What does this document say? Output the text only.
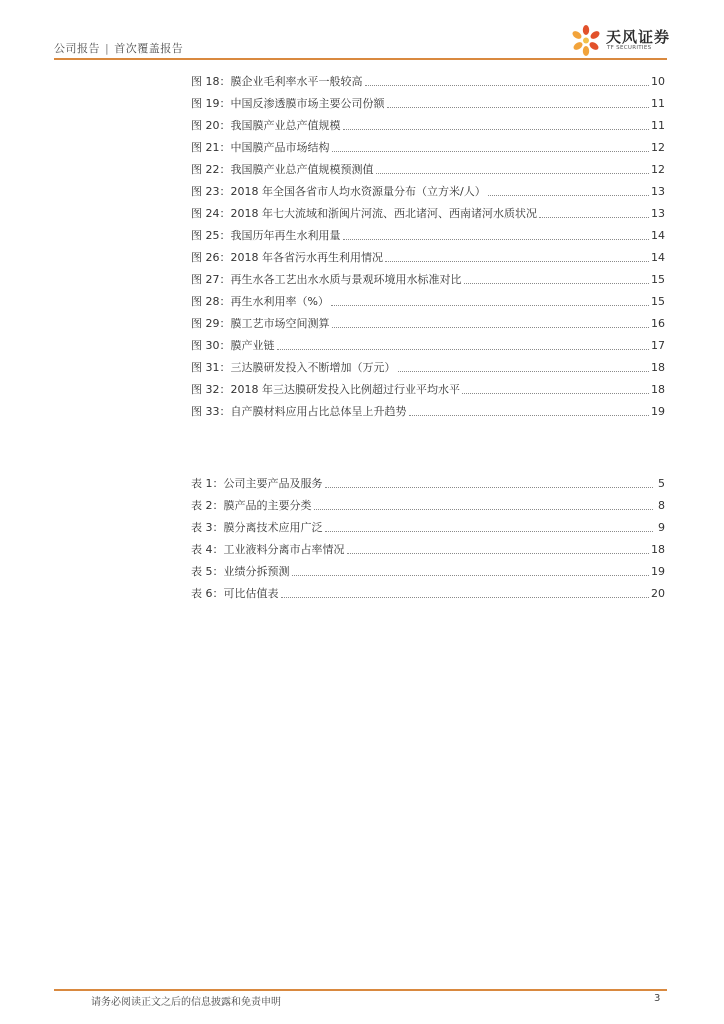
公司报告 | 首次覆盖报告
天风证券
TF SECURITIES
图 18：膜企业毛利率水平一般较高	10
图 19：中国反渗透膜市场主要公司份额	11
图 20：我国膜产业总产值规模	11
图 21：中国膜产品市场结构	12
图 22：我国膜产业总产值规模预测值	12
图 23：2018 年全国各省市人均水资源量分布（立方米/人）	13
图 24：2018 年七大流域和浙闽片河流、西北诸河、西南诸河水质状况	13
图 25：我国历年再生水利用量	14
图 26：2018 年各省污水再生利用情况	14
图 27：再生水各工艺出水水质与景观环境用水标准对比	15
图 28：再生水利用率（%）	15
图 29：膜工艺市场空间测算	16
图 30：膜产业链	17
图 31：三达膜研发投入不断增加（万元）	18
图 32：2018 年三达膜研发投入比例超过行业平均水平	18
图 33：自产膜材料应用占比总体呈上升趋势	19
表 1：公司主要产品及服务	5
表 2：膜产品的主要分类	8
表 3：膜分离技术应用广泛	9
表 4：工业液料分离市占率情况	18
表 5：业绩分拆预测	19
表 6：可比估值表	20
请务必阅读正文之后的信息披露和免责申明	3
